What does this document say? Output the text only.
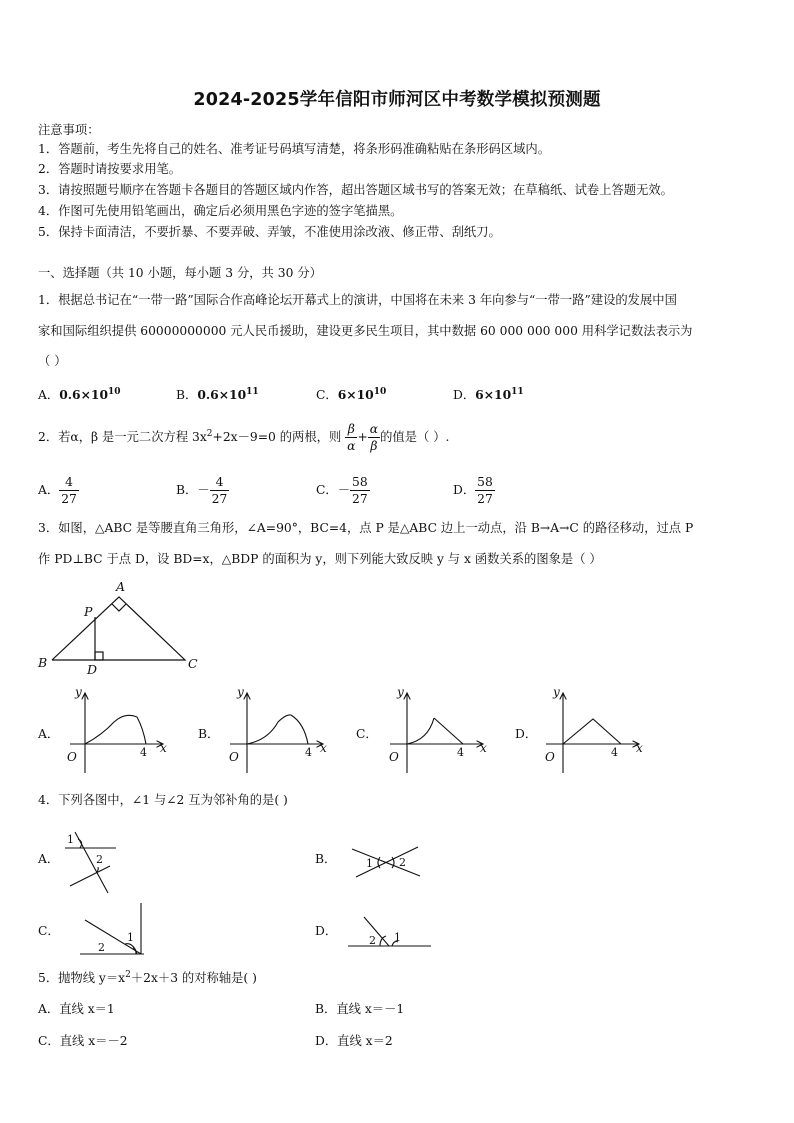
2024-2025学年信阳市师河区中考数学模拟预测题
注意事项：
1．答题前，考生先将自己的姓名、准考证号码填写清楚，将条形码准确粘贴在条形码区域内。
2．答题时请按要求用笔。
3．请按照题号顺序在答题卡各题目的答题区域内作答，超出答题区域书写的答案无效；在草稿纸、试卷上答题无效。
4．作图可先使用铅笔画出，确定后必须用黑色字迹的签字笔描黑。
5．保持卡面清洁，不要折暴、不要弄破、弄皱，不准使用涂改液、修正带、刮纸刀。
一、选择题（共 10 小题，每小题 3 分，共 30 分）
1．根据总书记在“一带一路”国际合作高峰论坛开幕式上的演讲，中国将在未来 3 年向参与“一带一路”建设的发展中国
家和国际组织提供 60000000000 元人民币援助，建设更多民生项目，其中数据 60 000 000 000 用科学记数法表示为
（ ）
A．$0.6\times 10^{10}$	B．$0.6\times 10^{11}$	C．$6\times 10^{10}$	D．$6\times 10^{11}$
2．若α，β 是一元二次方程 $3x^2+2x-9=0$ 的两根，则 $\frac{\beta}{\alpha} + \frac{\alpha}{\beta}$ 的值是（ ）.
A． $\frac{4}{27}$	B．－ $\frac{4}{27}$	C．－ $\frac{58}{27}$	D． $\frac{58}{27}$
3．如图，△ABC 是等腰直角三角形，∠A=90°，BC=4，点 P 是△ABC 边上一动点，沿 B→A→C 的路径移动，过点 P
作 PD⊥BC 于点 D，设 BD=x，△BDP 的面积为 y，则下列能大致反映 y 与 x 函数关系的图象是（ ）
A
B	C
P
D
A．	B．	C．	D．
y
x
O
y
x
O
y
x
O
y
x
O
4	4	4	4
4．下列各图中，∠1 与∠2 互为邻补角的是( )
A．	B．
C．	D．
1
2	1 2
1
2
1
2
5．抛物线 $y=x^2+2x+3$ 的对称轴是( )
A．直线 x＝1	B．直线 x＝－1
C．直线 x＝－2	D．直线 x＝2
